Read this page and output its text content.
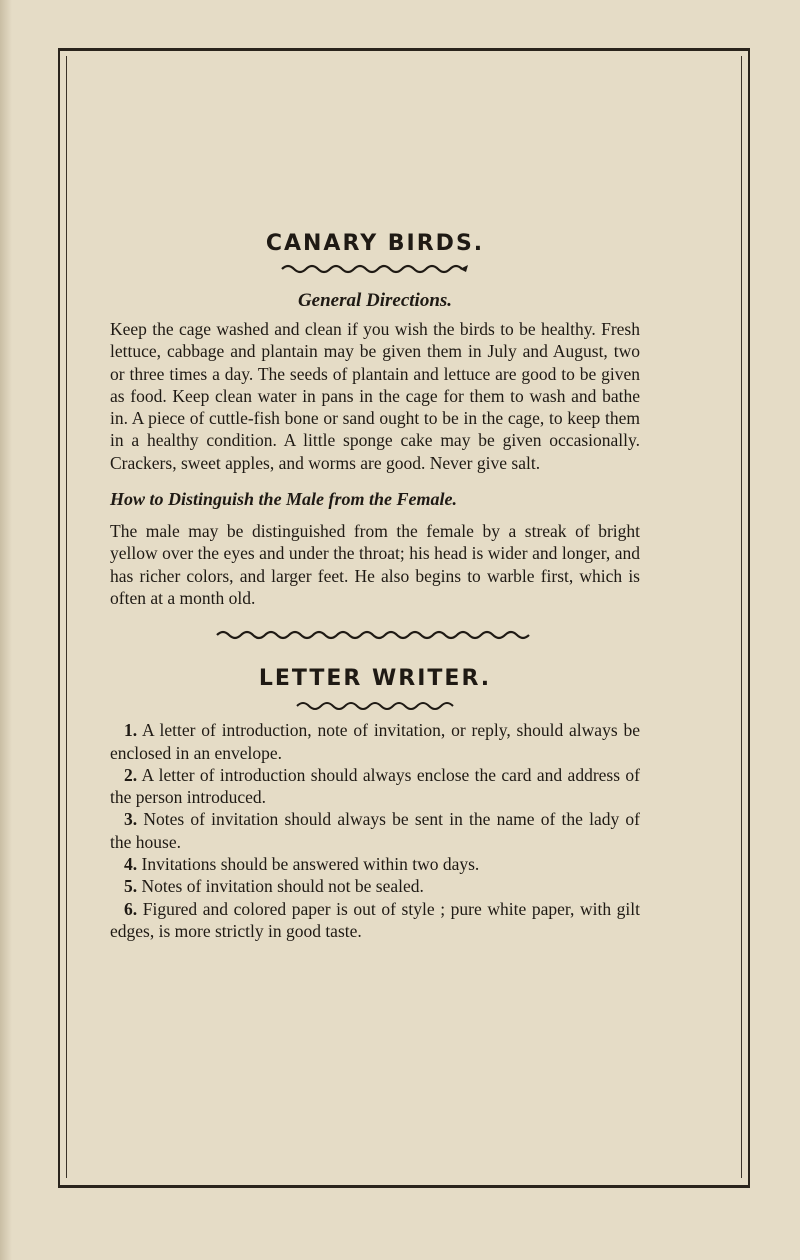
CANARY BIRDS.

General Directions.

Keep the cage washed and clean if you wish the birds to be healthy. Fresh lettuce, cabbage and plantain may be given them in July and August, two or three times a day. The seeds of plantain and lettuce are good to be given as food. Keep clean water in pans in the cage for them to wash and bathe in. A piece of cuttle-fish bone or sand ought to be in the cage, to keep them in a healthy condition. A little sponge cake may be given occasionally. Crackers, sweet apples, and worms are good. Never give salt.

How to Distinguish the Male from the Female.

The male may be distinguished from the female by a streak of bright yellow over the eyes and under the throat; his head is wider and longer, and has richer colors, and larger feet. He also begins to warble first, which is often at a month old.

LETTER WRITER.
1. A letter of introduction, note of invitation, or reply, should always be enclosed in an envelope.
2. A letter of introduction should always enclose the card and address of the person introduced.
3. Notes of invitation should always be sent in the name of the lady of the house.
4. Invitations should be answered within two days.
5. Notes of invitation should not be sealed.
6. Figured and colored paper is out of style ; pure white paper, with gilt edges, is more strictly in good taste.
